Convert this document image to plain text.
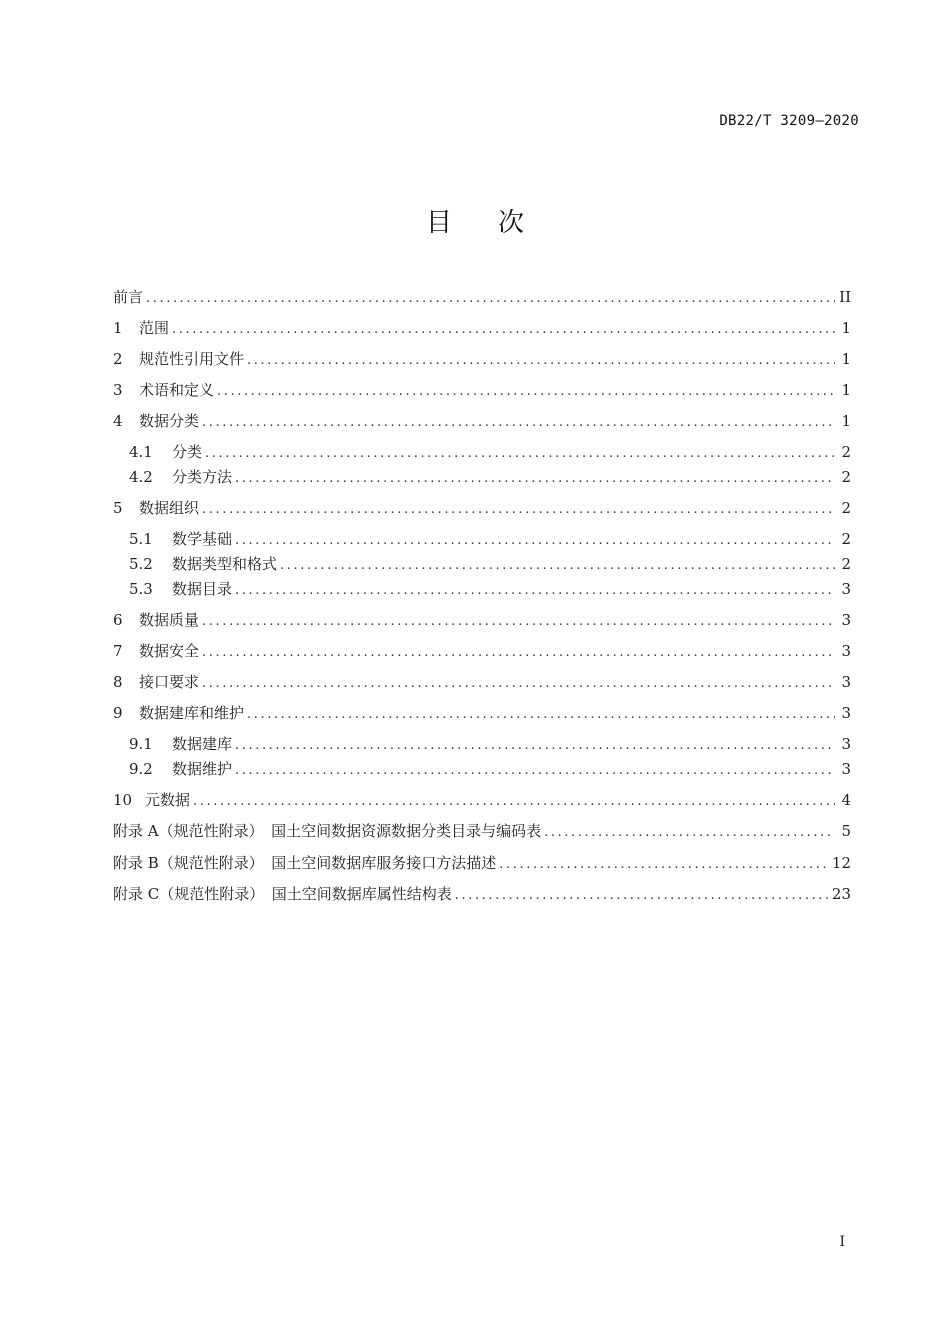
DB22/T 3209—2020
目次
前言 .....	II
1	范围 .....	1
2	规范性引用文件 .....	1
3	术语和定义 .....	1
4	数据分类 .....	1
4.1	分类 .....	2
4.2	分类方法 .....	2
5	数据组织 .....	2
5.1	数学基础 .....	2
5.2	数据类型和格式 .....	2
5.3	数据目录 .....	3
6	数据质量 .....	3
7	数据安全 .....	3
8	接口要求 .....	3
9	数据建库和维护 .....	3
9.1	数据建库 .....	3
9.2	数据维护 .....	3
10 元数据 .....	4
附录 A（规范性附录）　国土空间数据资源数据分类目录与编码表 .....	5
附录 B（规范性附录）　国土空间数据库服务接口方法描述 .....	12
附录 C（规范性附录）　国土空间数据库属性结构表 .....	23
I
